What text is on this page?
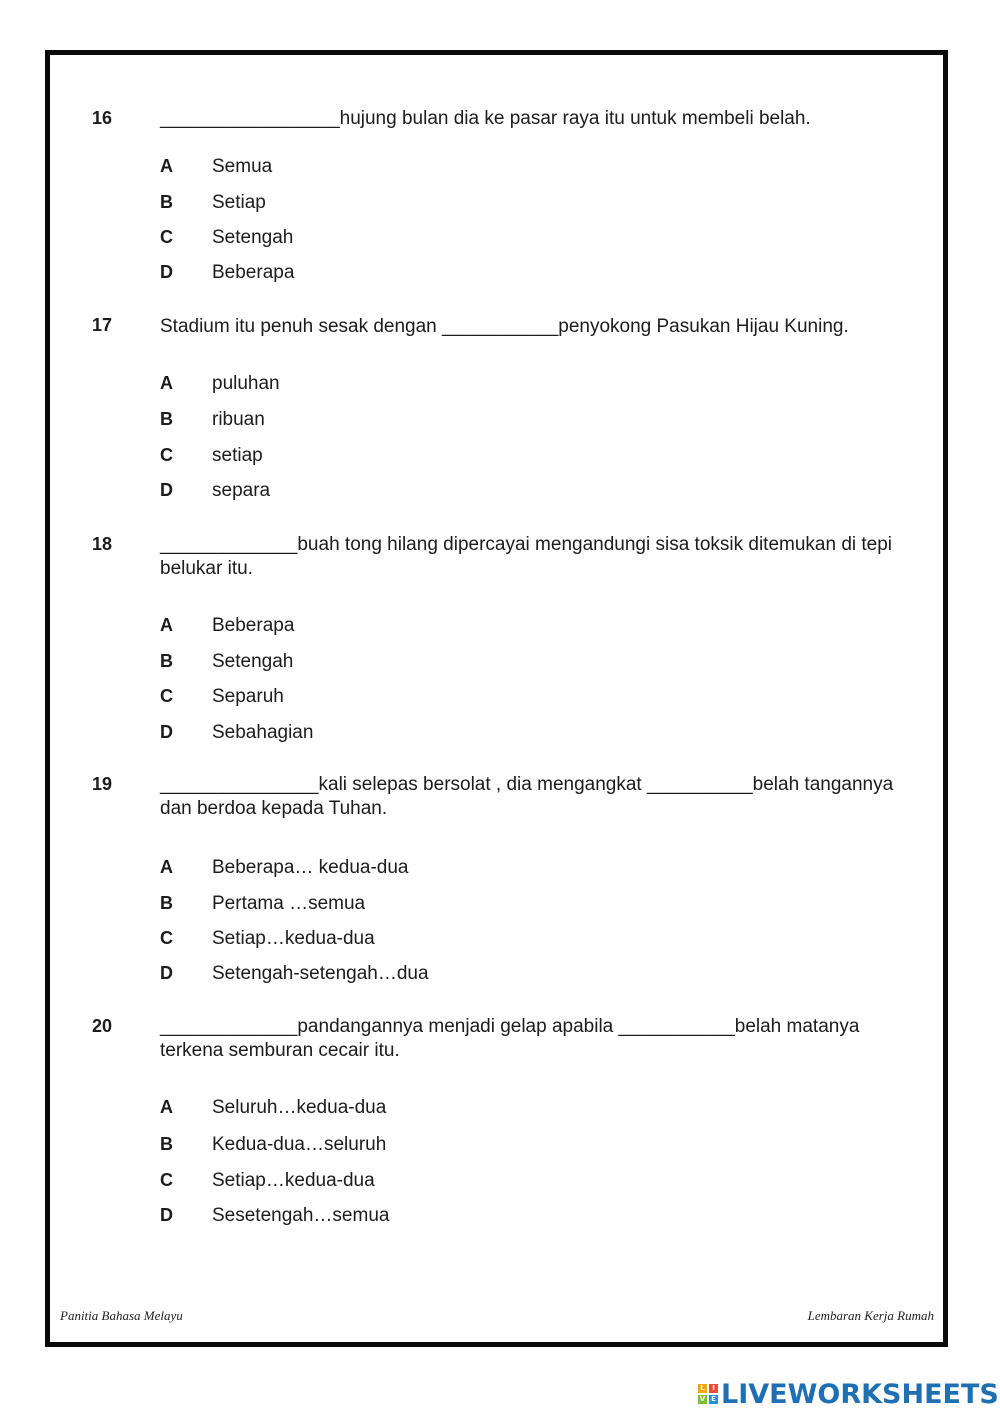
16	_________________hujung bulan dia ke pasar raya itu untuk membeli belah.
A Semua
B Setiap
C Setengah
D Beberapa
17	Stadium itu penuh sesak dengan ___________penyokong Pasukan Hijau Kuning.
A puluhan
B ribuan
C setiap
D separa
18	_____________buah tong hilang dipercayai mengandungi sisa toksik ditemukan di tepi belukar itu.
A Beberapa
B Setengah
C Separuh
D Sebahagian
19	_______________kali selepas bersolat , dia mengangkat __________belah tangannya dan berdoa kepada Tuhan.
A Beberapa… kedua-dua
B Pertama …semua
C Setiap…kedua-dua
D Setengah-setengah…dua
20	_____________pandangannya menjadi gelap apabila ___________belah matanya terkena semburan cecair itu.
A Seluruh…kedua-dua
B Kedua-dua…seluruh
C Setiap…kedua-dua
D Sesetengah…semua
Panitia Bahasa Melayu	Lembaran Kerja Rumah
L	I
V E LIVEWORKSHEETS
